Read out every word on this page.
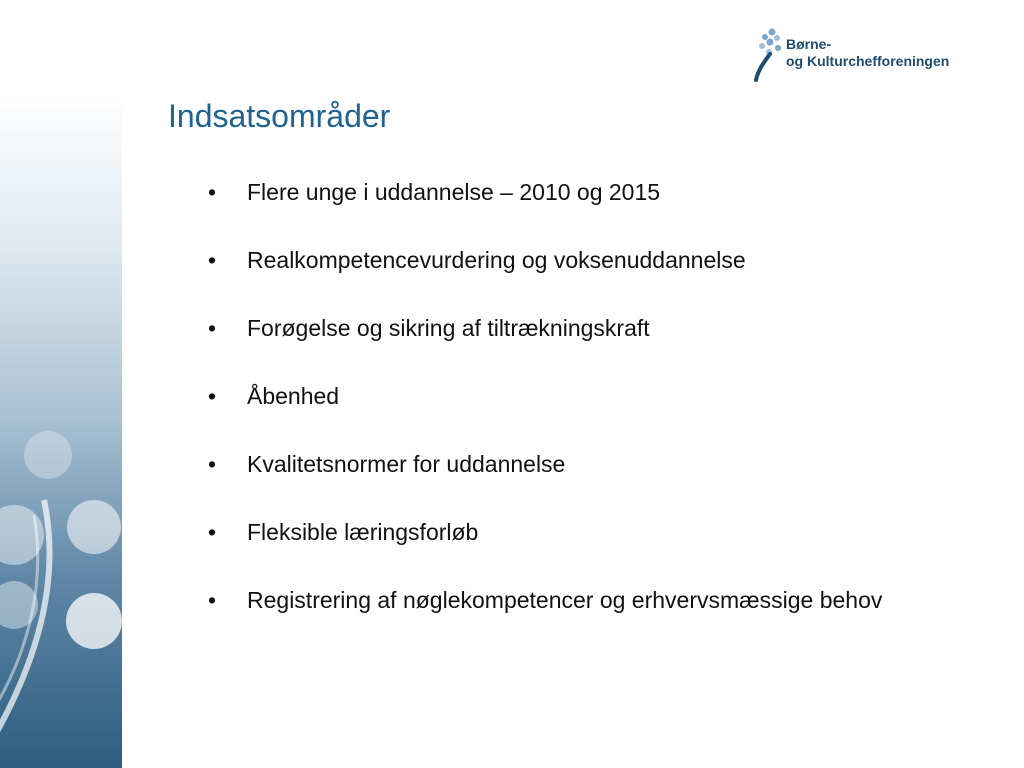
Børne-
og Kulturchefforeningen
Indsatsområder
• Flere unge i uddannelse – 2010 og 2015
• Realkompetencevurdering og voksenuddannelse
• Forøgelse og sikring af tiltrækningskraft
• Åbenhed
• Kvalitetsnormer for uddannelse
• Fleksible læringsforløb
• Registrering af nøglekompetencer og erhvervsmæssige behov
